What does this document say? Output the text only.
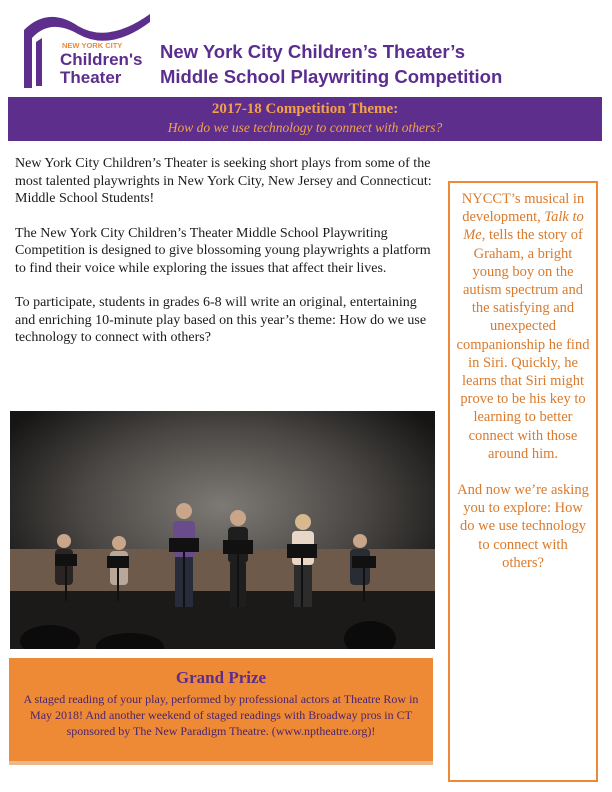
NEW YORK CITY
Children's
Theater
New York City Children’s Theater’s
Middle School Playwriting Competition
2017-18 Competition Theme:
How do we use technology to connect with others?

New York City Children’s Theater is seeking short plays from some of the most talented playwrights in New York City, New Jersey and Connecticut: Middle School Students!

The New York City Children’s Theater Middle School Playwriting Competition is designed to give blossoming young playwrights a platform to find their voice while exploring the issues that affect their lives.

To participate, students in grades 6-8 will write an original, entertaining and enriching 10-minute play based on this year’s theme: How do we use technology to connect with others?

Grand Prize
A staged reading of your play, performed by professional actors at Theatre Row in May 2018! And another weekend of staged readings with Broadway pros in CT sponsored by The New Paradigm Theatre. (www.nptheatre.org)!

NYCCT’s musical in development, Talk to Me, tells the story of Graham, a bright young boy on the autism spectrum and the satisfying and unexpected companionship he find in Siri. Quickly, he learns that Siri might prove to be his key to learning to better connect with those around him.

And now we’re asking you to explore: How do we use technology to connect with others?
